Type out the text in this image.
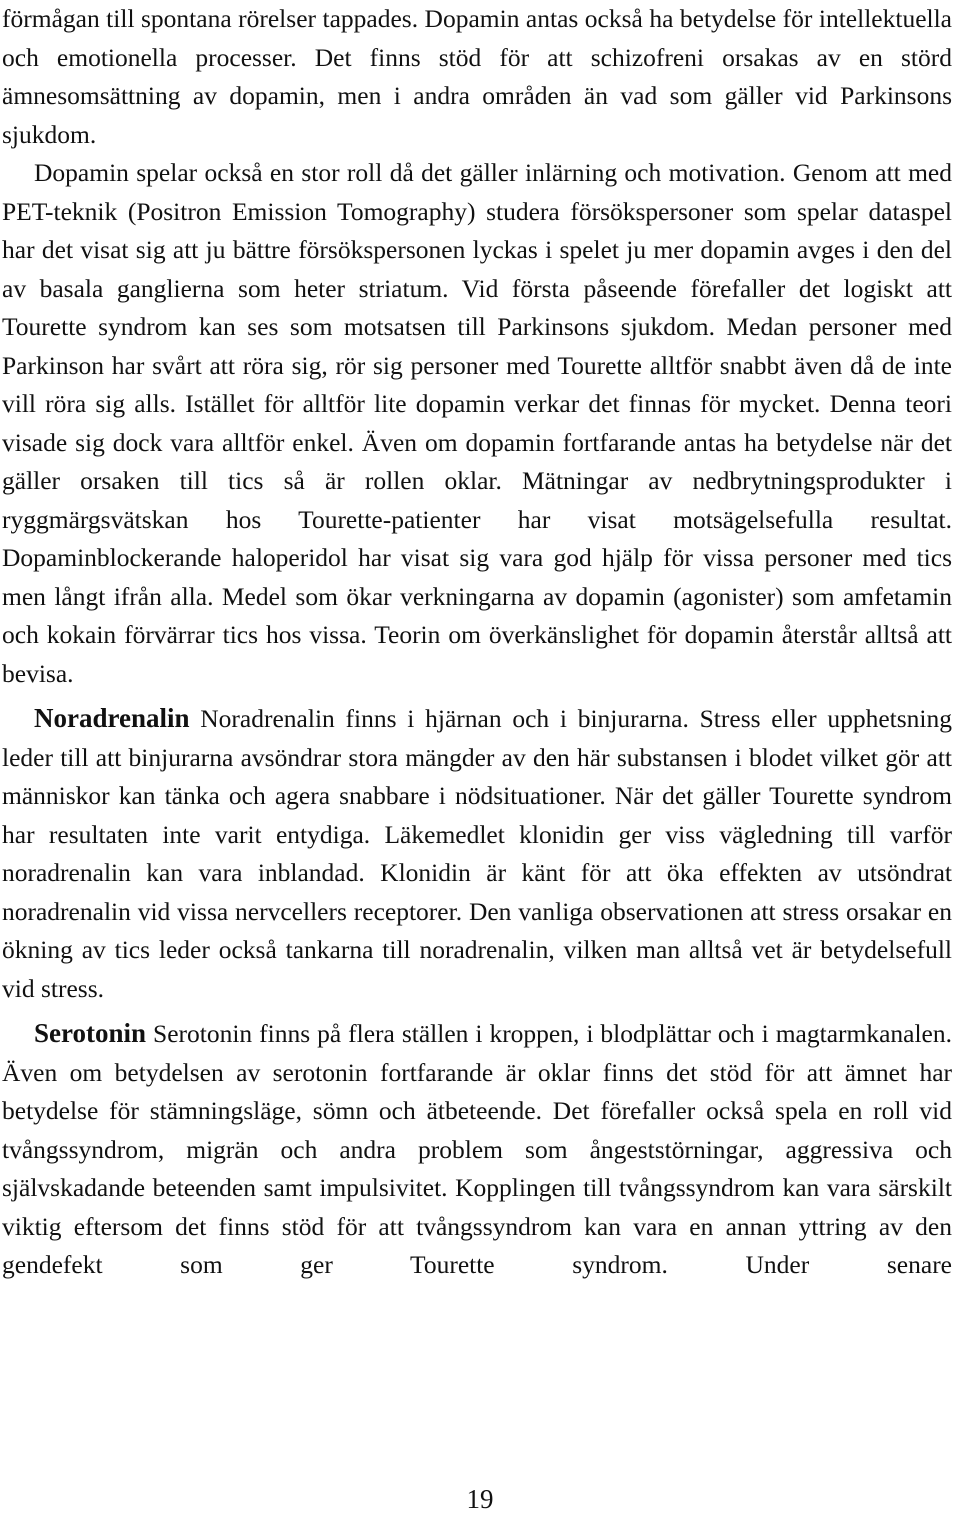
förmågan till spontana rörelser tappades. Dopamin antas också ha betydelse för intellektuella och emotionella processer. Det finns stöd för att schizofreni orsakas av en störd ämnesomsättning av dopamin, men i andra områden än vad som gäller vid Parkinsons sjukdom.

Dopamin spelar också en stor roll då det gäller inlärning och motivation. Genom att med PET-teknik (Positron Emission Tomography) studera försökspersoner som spelar dataspel har det visat sig att ju bättre försökspersonen lyckas i spelet ju mer dopamin avges i den del av basala ganglierna som heter striatum. Vid första påseende förefaller det logiskt att Tourette syndrom kan ses som motsatsen till Parkinsons sjukdom. Medan personer med Parkinson har svårt att röra sig, rör sig personer med Tourette alltför snabbt även då de inte vill röra sig alls. Istället för alltför lite dopamin verkar det finnas för mycket. Denna teori visade sig dock vara alltför enkel. Även om dopamin fortfarande antas ha betydelse när det gäller orsaken till tics så är rollen oklar. Mätningar av nedbrytningsprodukter i ryggmärgsvätskan hos Tourette-patienter har visat motsägelsefulla resultat. Dopaminblockerande haloperidol har visat sig vara god hjälp för vissa personer med tics men långt ifrån alla. Medel som ökar verkningarna av dopamin (agonister) som amfetamin och kokain förvärrar tics hos vissa. Teorin om överkänslighet för dopamin återstår alltså att bevisa.

Noradrenalin Noradrenalin finns i hjärnan och i binjurarna. Stress eller upphetsning leder till att binjurarna avsöndrar stora mängder av den här substansen i blodet vilket gör att människor kan tänka och agera snabbare i nödsituationer. När det gäller Tourette syndrom har resultaten inte varit entydiga. Läkemedlet klonidin ger viss vägledning till varför noradrenalin kan vara inblandad. Klonidin är känt för att öka effekten av utsöndrat noradrenalin vid vissa nervcellers receptorer. Den vanliga observationen att stress orsakar en ökning av tics leder också tankarna till noradrenalin, vilken man alltså vet är betydelsefull vid stress.

Serotonin Serotonin finns på flera ställen i kroppen, i blodplättar och i magtarmkanalen. Även om betydelsen av serotonin fortfarande är oklar finns det stöd för att ämnet har betydelse för stämningsläge, sömn och ätbeteende. Det förefaller också spela en roll vid tvångssyndrom, migrän och andra problem som ångeststörningar, aggressiva och självskadande beteenden samt impulsivitet. Kopplingen till tvångssyndrom kan vara särskilt viktig eftersom det finns stöd för att tvångssyndrom kan vara en annan yttring av den gendefekt som ger Tourette syndrom. Under senare

19
